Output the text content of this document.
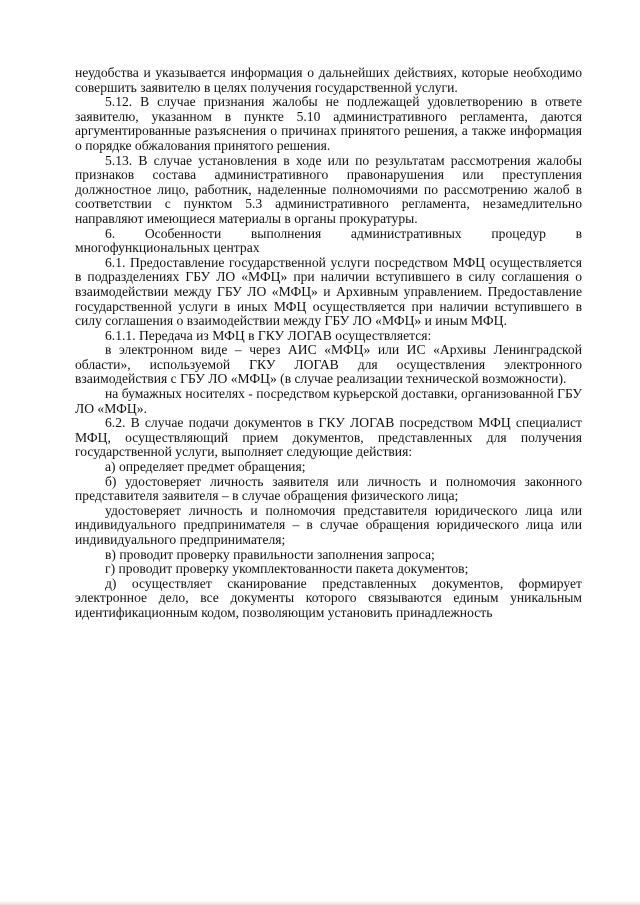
неудобства и указывается информация о дальнейших действиях, которые необходимо совершить заявителю в целях получения государственной услуги.

5.12. В случае признания жалобы не подлежащей удовлетворению в ответе заявителю, указанном в пункте 5.10 административного регламента, даются аргументированные разъяснения о причинах принятого решения, а также информация о порядке обжалования принятого решения.

5.13. В случае установления в ходе или по результатам рассмотрения жалобы признаков состава административного правонарушения или преступления должностное лицо, работник, наделенные полномочиями по рассмотрению жалоб в соответствии с пунктом 5.3 административного регламента, незамедлительно направляют имеющиеся материалы в органы прокуратуры.

6. Особенности выполнения административных процедур в многофункциональных центрах

6.1. Предоставление государственной услуги посредством МФЦ осуществляется в подразделениях ГБУ ЛО «МФЦ» при наличии вступившего в силу соглашения о взаимодействии между ГБУ ЛО «МФЦ» и Архивным управлением. Предоставление государственной услуги в иных МФЦ осуществляется при наличии вступившего в силу соглашения о взаимодействии между ГБУ ЛО «МФЦ» и иным МФЦ.

6.1.1. Передача из МФЦ в ГКУ ЛОГАВ осуществляется:

в электронном виде – через АИС «МФЦ» или ИС «Архивы Ленинградской области», используемой ГКУ ЛОГАВ для осуществления электронного взаимодействия с ГБУ ЛО «МФЦ» (в случае реализации технической возможности).

на бумажных носителях - посредством курьерской доставки, организованной ГБУ ЛО «МФЦ».

6.2. В случае подачи документов в ГКУ ЛОГАВ посредством МФЦ специалист МФЦ, осуществляющий прием документов, представленных для получения государственной услуги, выполняет следующие действия:

а) определяет предмет обращения;

б) удостоверяет личность заявителя или личность и полномочия законного представителя заявителя – в случае обращения физического лица;

удостоверяет личность и полномочия представителя юридического лица или индивидуального предпринимателя – в случае обращения юридического лица или индивидуального предпринимателя;

в) проводит проверку правильности заполнения запроса;

г) проводит проверку укомплектованности пакета документов;

д) осуществляет сканирование представленных документов, формирует электронное дело, все документы которого связываются единым уникальным идентификационным кодом, позволяющим установить принадлежность
